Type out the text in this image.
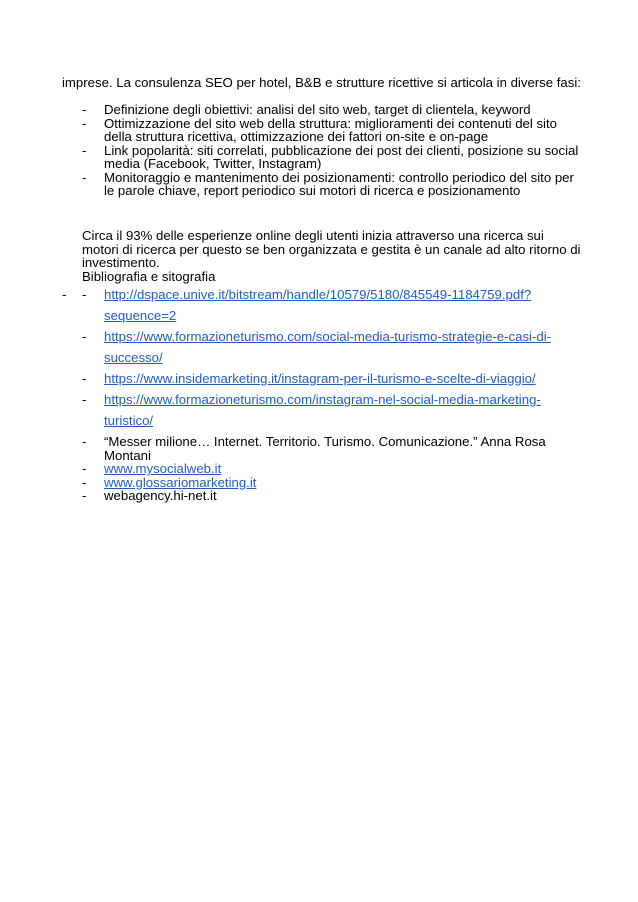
imprese. La consulenza SEO per hotel, B&B e strutture ricettive si articola in diverse fasi:
- Definizione degli obiettivi: analisi del sito web, target di clientela, keyword
- Ottimizzazione del sito web della struttura: miglioramenti dei contenuti del sito della struttura ricettiva, ottimizzazione dei fattori on-site e on-page
- Link popolarità: siti correlati, pubblicazione dei post dei clienti, posizione su social media (Facebook, Twitter, Instagram)
- Monitoraggio e mantenimento dei posizionamenti: controllo periodico del sito per le parole chiave, report periodico sui motori di ricerca e posizionamento
Circa il 93% delle esperienze online degli utenti inizia attraverso una ricerca sui motori di ricerca per questo se ben organizzata e gestita è un canale ad alto ritorno di investimento.
Bibliografia e sitografia
- - http://dspace.unive.it/bitstream/handle/10579/5180/845549-1184759.pdf?sequence=2
- https://www.formazioneturismo.com/social-media-turismo-strategie-e-casi-di-successo/
- https://www.insidemarketing.it/instagram-per-il-turismo-e-scelte-di-viaggio/
- https://www.formazioneturismo.com/instagram-nel-social-media-marketing-turistico/
- “Messer milione… Internet. Territorio. Turismo. Comunicazione.” Anna Rosa Montani
- www.mysocialweb.it
- www.glossariomarketing.it
- webagency.hi-net.it
